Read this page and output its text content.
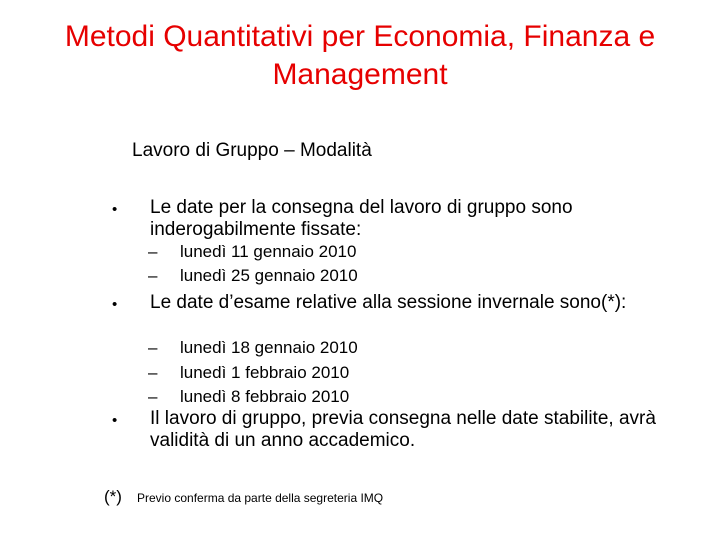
Metodi Quantitativi per Economia, Finanza e Management
Lavoro di Gruppo – Modalità
• Le date per la consegna del lavoro di gruppo sono inderogabilmente fissate:
– lunedì 11 gennaio 2010
– lunedì 25 gennaio 2010
• Le date d’esame relative alla sessione invernale sono(*):
– lunedì 18 gennaio 2010
– lunedì 1 febbraio 2010
– lunedì 8 febbraio 2010
• Il lavoro di gruppo, previa consegna nelle date stabilite, avrà validità di un anno accademico.
(*) Previo conferma da parte della segreteria IMQ
